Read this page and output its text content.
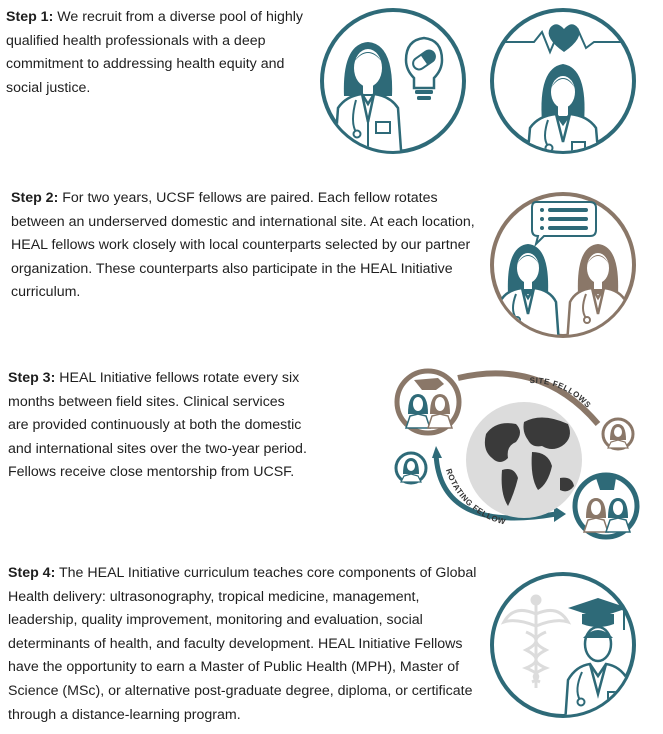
Step 1: We recruit from a diverse pool of highly qualified health professionals with a deep commitment to addressing health equity and social justice.
Step 2: For two years, UCSF fellows are paired. Each fellow rotates between an underserved domestic and international site. At each location, HEAL fellows work closely with local counterparts selected by our partner organization. These counterparts also participate in the HEAL Initiative curriculum.
Step 3: HEAL Initiative fellows rotate every six months between field sites. Clinical services are provided continuously at both the domestic and international sites over the two-year period. Fellows receive close mentorship from UCSF.
Step 4: The HEAL Initiative curriculum teaches core components of Global Health delivery: ultrasonography, tropical medicine, management, leadership, quality improvement, monitoring and evaluation, social determinants of health, and faculty development. HEAL Initiative Fellows have the opportunity to earn a Master of Public Health (MPH), Master of Science (MSc), or alternative post-graduate degree, diploma, or certificate through a distance-learning program.
SITE FELLOWS
ROTATING FELLOW
